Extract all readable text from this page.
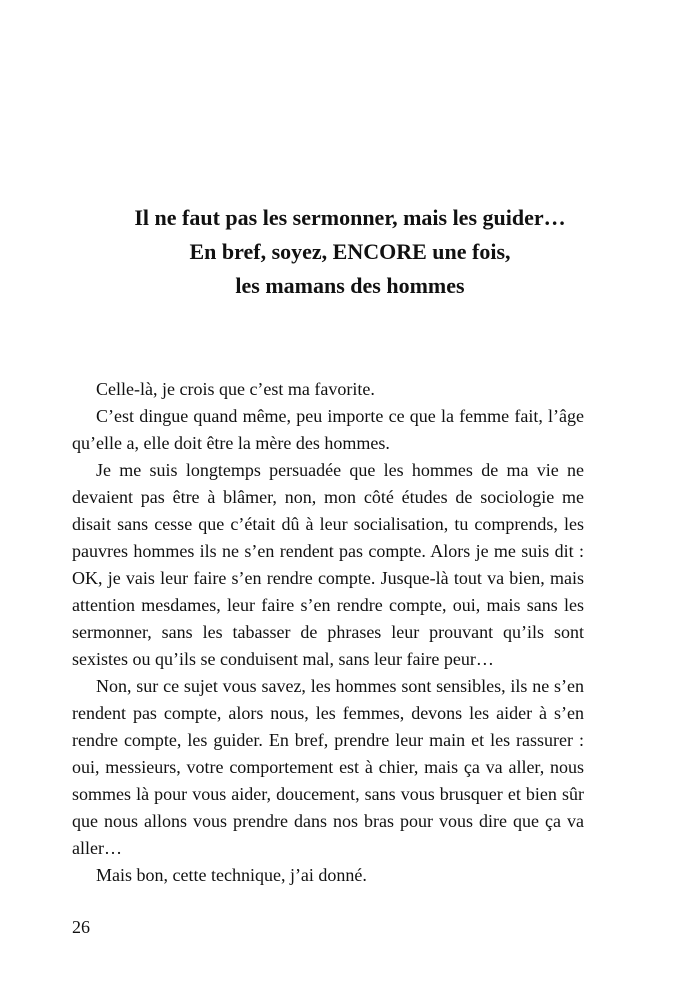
Il ne faut pas les sermonner, mais les guider…
En bref, soyez, ENCORE une fois,
les mamans des hommes

Celle-là, je crois que c’est ma favorite.

C’est dingue quand même, peu importe ce que la femme fait, l’âge qu’elle a, elle doit être la mère des hommes.

Je me suis longtemps persuadée que les hommes de ma vie ne devaient pas être à blâmer, non, mon côté études de sociologie me disait sans cesse que c’était dû à leur socialisation, tu comprends, les pauvres hommes ils ne s’en rendent pas compte. Alors je me suis dit : OK, je vais leur faire s’en rendre compte. Jusque-là tout va bien, mais attention mesdames, leur faire s’en rendre compte, oui, mais sans les sermonner, sans les tabasser de phrases leur prouvant qu’ils sont sexistes ou qu’ils se conduisent mal, sans leur faire peur…

Non, sur ce sujet vous savez, les hommes sont sensibles, ils ne s’en rendent pas compte, alors nous, les femmes, devons les aider à s’en rendre compte, les guider. En bref, prendre leur main et les rassurer : oui, messieurs, votre comportement est à chier, mais ça va aller, nous sommes là pour vous aider, doucement, sans vous brusquer et bien sûr que nous allons vous prendre dans nos bras pour vous dire que ça va aller…

Mais bon, cette technique, j’ai donné.

26
